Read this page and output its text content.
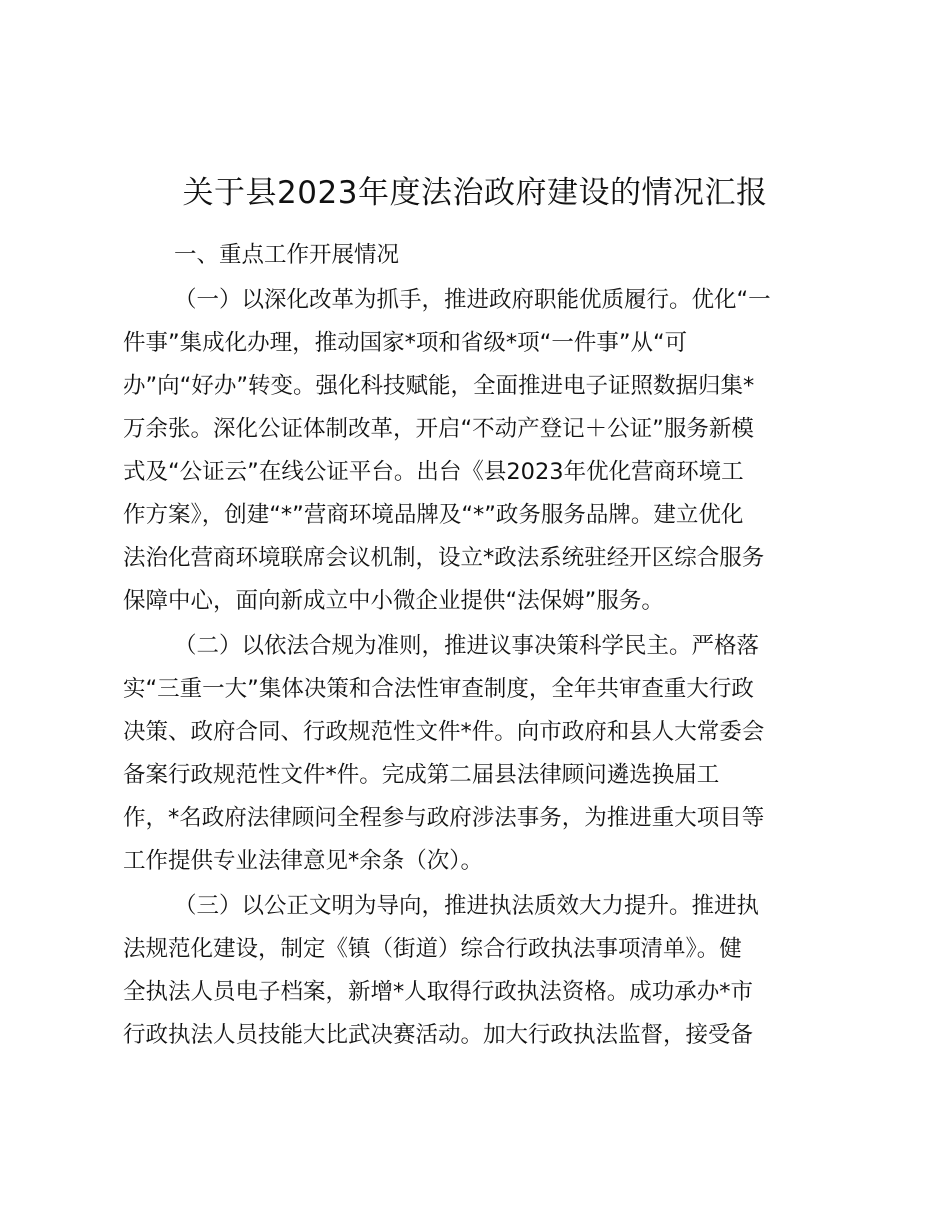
关于县2023年度法治政府建设的情况汇报
一、重点工作开展情况
（一）以深化改革为抓手，推进政府职能优质履行。优化“一
件事”集成化办理，推动国家*项和省级*项“一件事”从“可
办”向“好办”转变。强化科技赋能，全面推进电子证照数据归集*
万余张。深化公证体制改革，开启“不动产登记＋公证”服务新模
式及“公证云”在线公证平台。出台《县2023年优化营商环境工
作方案》，创建“*”营商环境品牌及“*”政务服务品牌。建立优化
法治化营商环境联席会议机制，设立*政法系统驻经开区综合服务
保障中心，面向新成立中小微企业提供“法保姆”服务。
（二）以依法合规为准则，推进议事决策科学民主。严格落
实“三重一大”集体决策和合法性审查制度，全年共审查重大行政
决策、政府合同、行政规范性文件*件。向市政府和县人大常委会
备案行政规范性文件*件。完成第二届县法律顾问遴选换届工
作，*名政府法律顾问全程参与政府涉法事务，为推进重大项目等
工作提供专业法律意见*余条（次）。
（三）以公正文明为导向，推进执法质效大力提升。推进执
法规范化建设，制定《镇（街道）综合行政执法事项清单》。健
全执法人员电子档案，新增*人取得行政执法资格。成功承办*市
行政执法人员技能大比武决赛活动。加大行政执法监督，接受备
